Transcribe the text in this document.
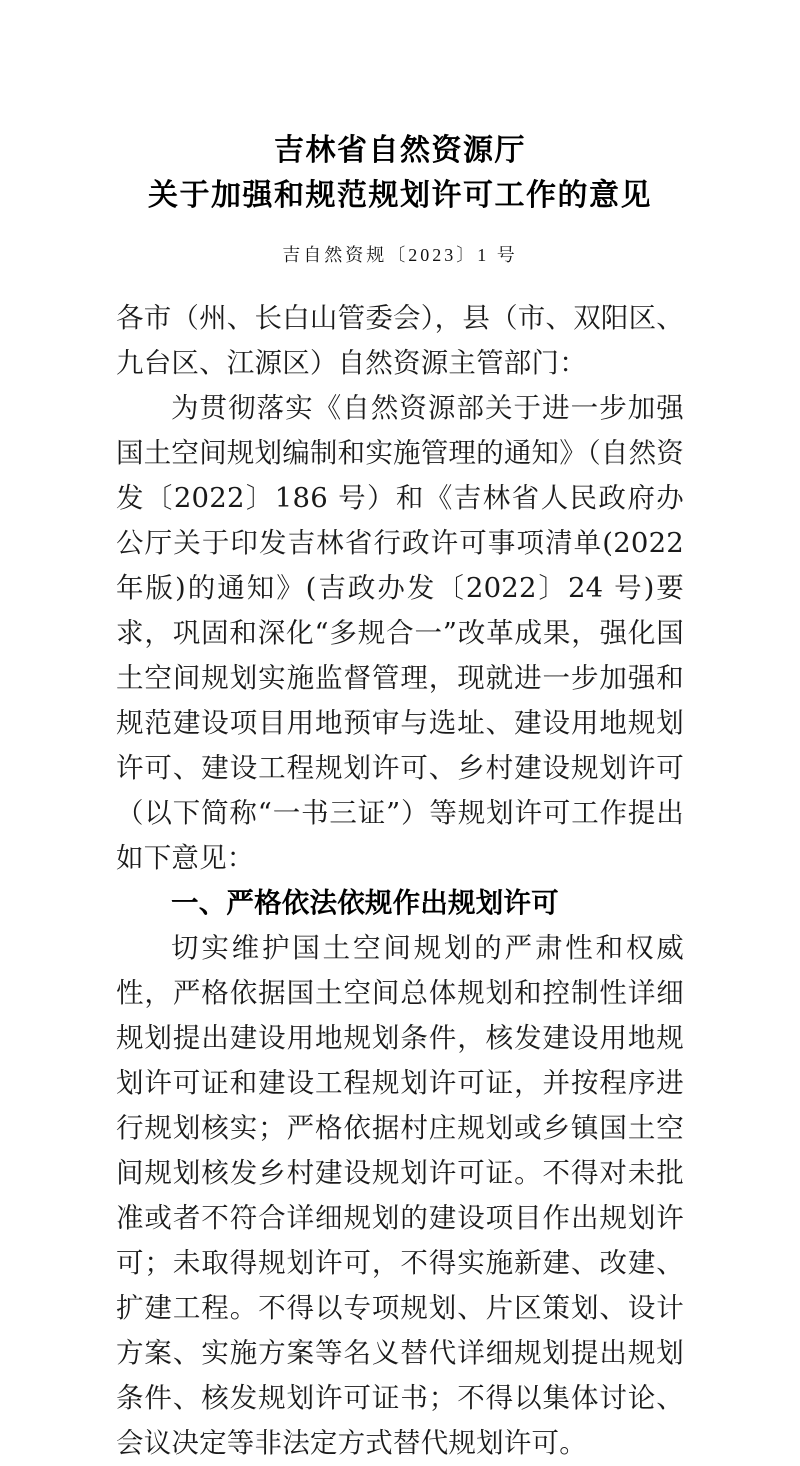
吉林省自然资源厅
关于加强和规范规划许可工作的意见

吉自然资规〔2023〕1 号

各市（州、长白山管委会），县（市、双阳区、九台区、江源区）自然资源主管部门：

为贯彻落实《自然资源部关于进一步加强国土空间规划编制和实施管理的通知》（自然资发〔2022〕186 号）和《吉林省人民政府办公厅关于印发吉林省行政许可事项清单(2022 年版)的通知》(吉政办发〔2022〕24 号)要求，巩固和深化“多规合一”改革成果，强化国土空间规划实施监督管理，现就进一步加强和规范建设项目用地预审与选址、建设用地规划许可、建设工程规划许可、乡村建设规划许可（以下简称“一书三证”）等规划许可工作提出如下意见：

一、严格依法依规作出规划许可

切实维护国土空间规划的严肃性和权威性，严格依据国土空间总体规划和控制性详细规划提出建设用地规划条件，核发建设用地规划许可证和建设工程规划许可证，并按程序进行规划核实；严格依据村庄规划或乡镇国土空间规划核发乡村建设规划许可证。不得对未批准或者不符合详细规划的建设项目作出规划许可；未取得规划许可，不得实施新建、改建、扩建工程。不得以专项规划、片区策划、设计方案、实施方案等名义替代详细规划提出规划条件、核发规划许可证书；不得以集体讨论、会议决定等非法定方式替代规划许可。
